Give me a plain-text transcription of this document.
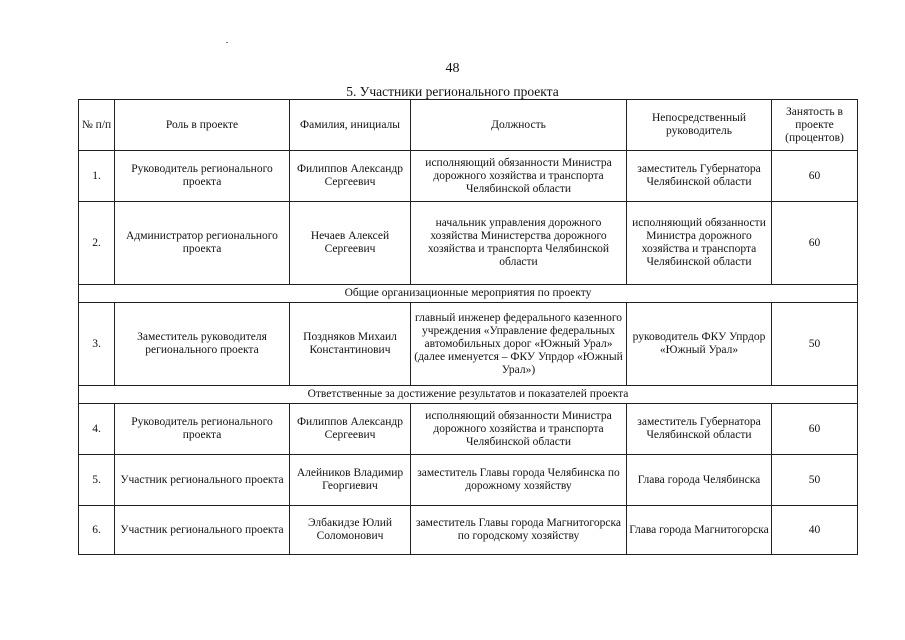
48
5. Участники регионального проекта
№ п/п	Роль в проекте	Фамилия, инициалы	Должность	Непосредственный руководитель	Занятость в проекте (процентов)
1.	Руководитель регионального проекта	Филиппов Александр Сергеевич	исполняющий обязанности Министра дорожного хозяйства и транспорта Челябинской области	заместитель Губернатора Челябинской области	60
2.	Администратор регионального проекта	Нечаев Алексей Сергеевич	начальник управления дорожного хозяйства Министерства дорожного хозяйства и транспорта Челябинской области	исполняющий обязанности Министра дорожного хозяйства и транспорта Челябинской области	60
Общие организационные мероприятия по проекту					
3.	Заместитель руководителя регионального проекта	Поздняков Михаил Константинович	главный инженер федерального казенного учреждения «Управление федеральных автомобильных дорог «Южный Урал» (далее именуется – ФКУ Упрдор «Южный Урал»)	руководитель ФКУ Упрдор «Южный Урал»	50
Ответственные за достижение результатов и показателей проекта					
4.	Руководитель регионального проекта	Филиппов Александр Сергеевич	исполняющий обязанности Министра дорожного хозяйства и транспорта Челябинской области	заместитель Губернатора Челябинской области	60
5.	Участник регионального проекта	Алейников Владимир Георгиевич	заместитель Главы города Челябинска по дорожному хозяйству	Глава города Челябинска	50
6.	Участник регионального проекта	Элбакидзе Юлий Соломонович	заместитель Главы города Магнитогорска по городскому хозяйству	Глава города Магнитогорска	40
